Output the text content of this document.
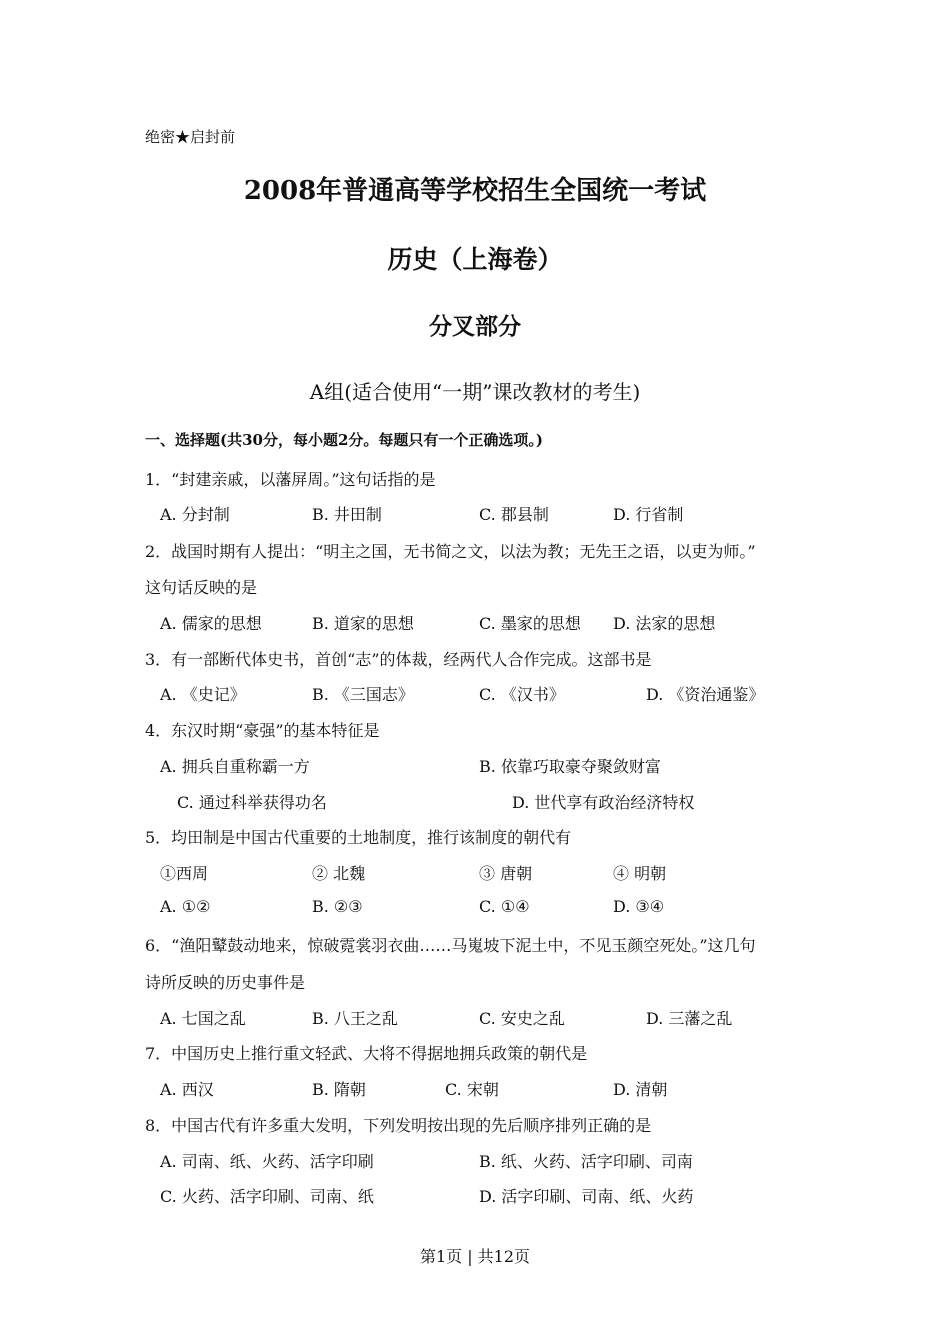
绝密★启封前
2008年普通高等学校招生全国统一考试
历史（上海卷）
分叉部分
A组(适合使用“一期”课改教材的考生)
一、选择题(共30分，每小题2分。每题只有一个正确选项。)
1．“封建亲戚，以藩屏周。”这句话指的是
A. 分封制	B. 井田制	C. 郡县制	D. 行省制
2．战国时期有人提出：“明主之国，无书简之文，以法为教；无先王之语，以吏为师。”
这句话反映的是
A. 儒家的思想	B. 道家的思想	C. 墨家的思想 D. 法家的思想
3．有一部断代体史书，首创“志”的体裁，经两代人合作完成。这部书是
A. 《史记》	B. 《三国志》	C. 《汉书》	D. 《资治通鉴》
4．东汉时期“豪强”的基本特征是
A. 拥兵自重称霸一方	B. 依靠巧取豪夺聚敛财富
C. 通过科举获得功名	D. 世代享有政治经济特权
5．均田制是中国古代重要的土地制度，推行该制度的朝代有
①西周	② 北魏	③ 唐朝	④ 明朝
A. ①②	B. ②③	C. ①④	D. ③④
6．“渔阳鼙鼓动地来，惊破霓裳羽衣曲……马嵬坡下泥土中，不见玉颜空死处。”这几句
诗所反映的历史事件是
A. 七国之乱	B. 八王之乱	C. 安史之乱	D. 三藩之乱
7．中国历史上推行重文轻武、大将不得据地拥兵政策的朝代是
A. 西汉	B. 隋朝	C. 宋朝	D. 清朝
8．中国古代有许多重大发明，下列发明按出现的先后顺序排列正确的是
A. 司南、纸、火药、活字印刷	B. 纸、火药、活字印刷、司南
C. 火药、活字印刷、司南、纸	D. 活字印刷、司南、纸、火药
第1页 | 共12页
